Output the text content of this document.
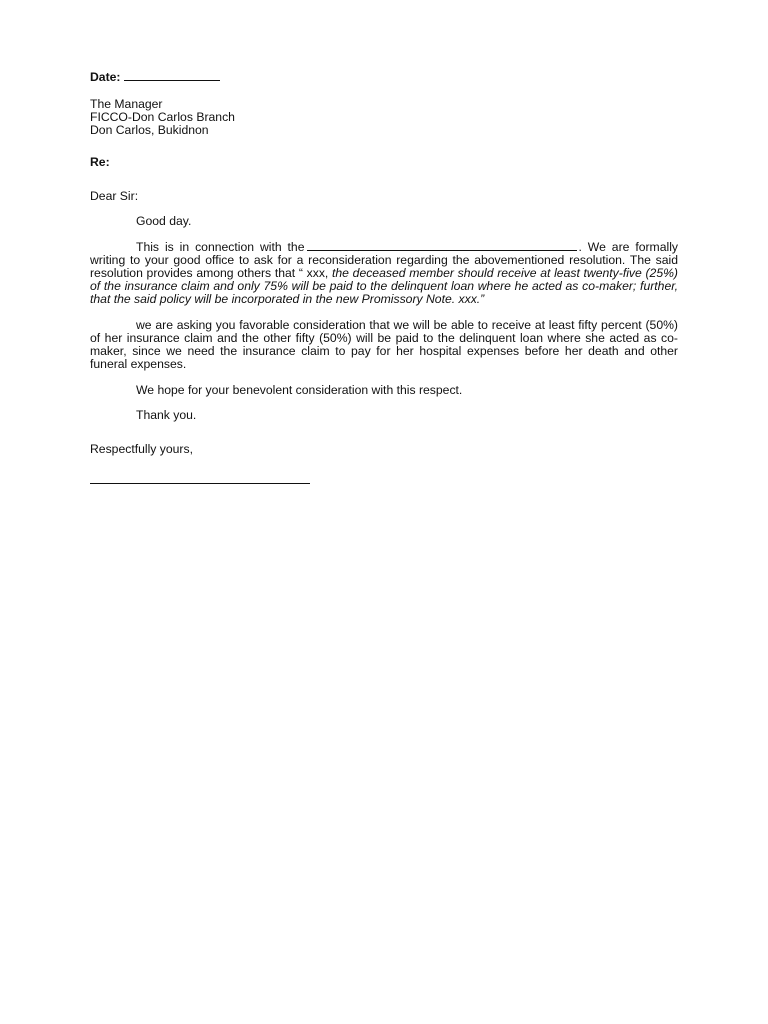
Date:
The Manager
FICCO-Don Carlos Branch
Don Carlos, Bukidnon
Re:
Dear Sir:

Good day.

This is in connection with the	. We are formally writing to your good office to ask for a reconsideration regarding the abovementioned resolution. The said resolution provides among others that “ xxx, the deceased member should receive at least twenty-five (25%) of the insurance claim and only 75% will be paid to the delinquent loan where he acted as co-maker; further, that the said policy will be incorporated in the new Promissory Note. xxx.”

we are asking you favorable consideration that we will be able to receive at least fifty percent (50%) of her insurance claim and the other fifty (50%) will be paid to the delinquent loan where she acted as co-maker, since we need the insurance claim to pay for her hospital expenses before her death and other funeral expenses.

We hope for your benevolent consideration with this respect.

Thank you.

Respectfully yours,
